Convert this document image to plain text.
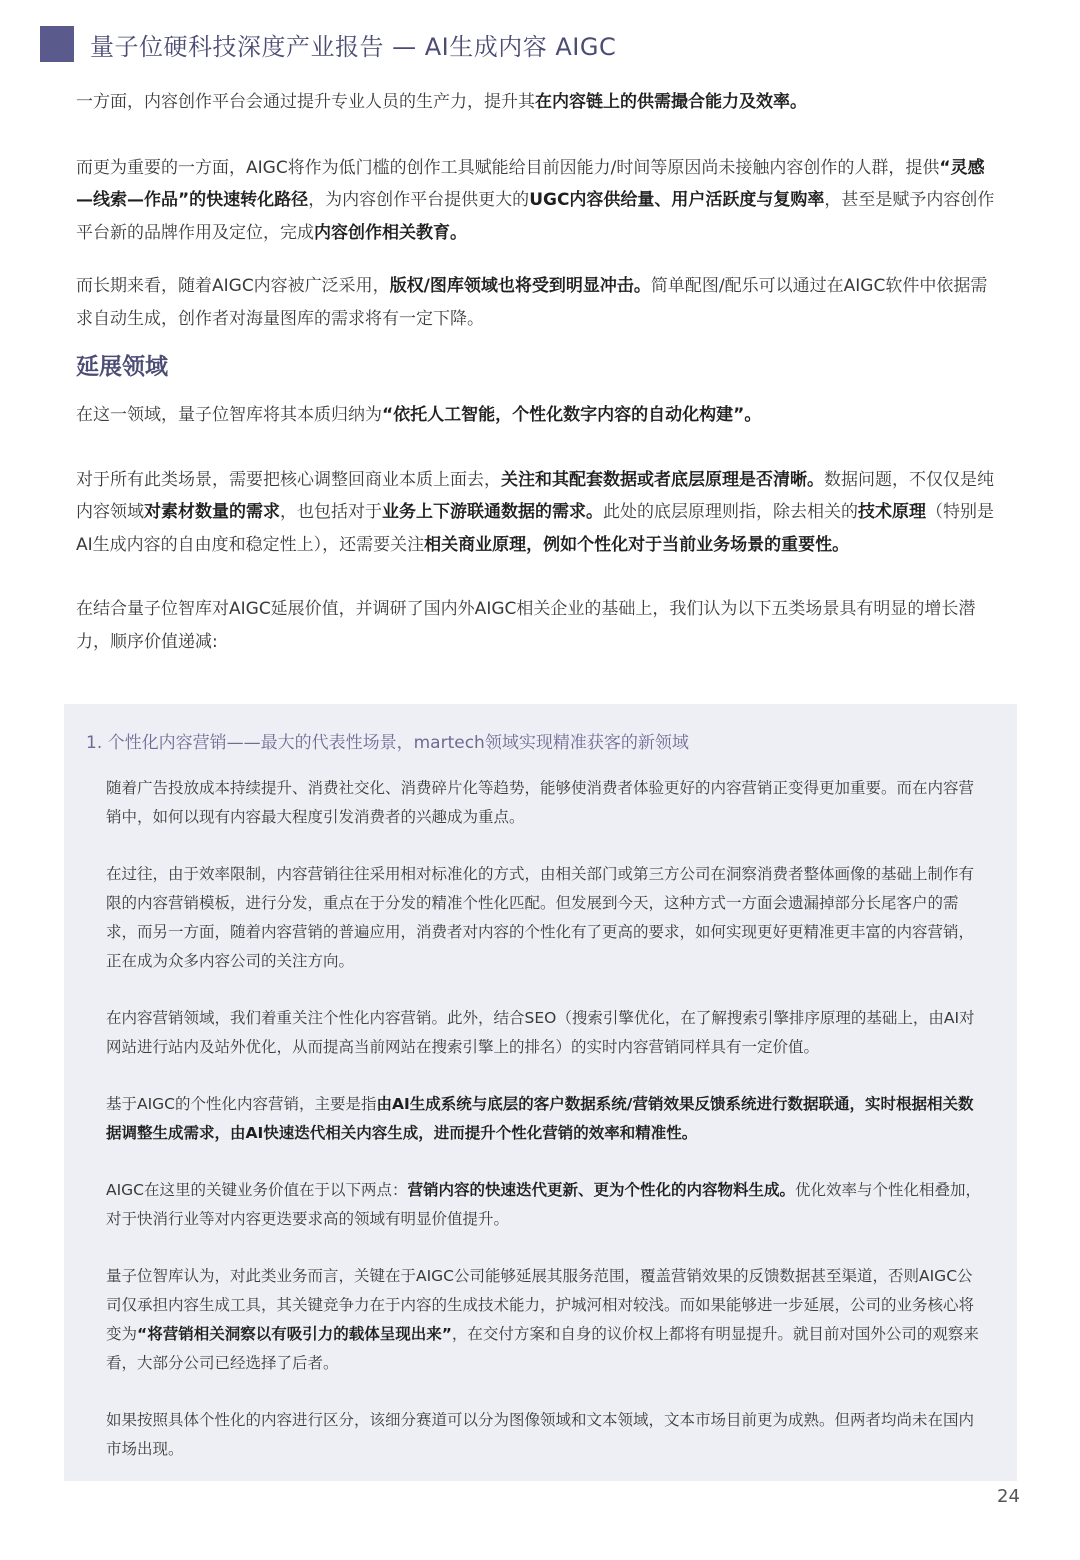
量子位硬科技深度产业报告 — AI生成内容 AIGC

一方面，内容创作平台会通过提升专业人员的生产力，提升其在内容链上的供需撮合能力及效率。

而更为重要的一方面，AIGC将作为低门槛的创作工具赋能给目前因能力/时间等原因尚未接触内容创作的人群，提供“灵感—线索—作品”的快速转化路径，为内容创作平台提供更大的UGC内容供给量、用户活跃度与复购率，甚至是赋予内容创作平台新的品牌作用及定位，完成内容创作相关教育。

而长期来看，随着AIGC内容被广泛采用，版权/图库领域也将受到明显冲击。简单配图/配乐可以通过在AIGC软件中依据需求自动生成，创作者对海量图库的需求将有一定下降。

延展领域

在这一领域，量子位智库将其本质归纳为“依托人工智能，个性化数字内容的自动化构建”。

对于所有此类场景，需要把核心调整回商业本质上面去，关注和其配套数据或者底层原理是否清晰。数据问题，不仅仅是纯内容领域对素材数量的需求，也包括对于业务上下游联通数据的需求。此处的底层原理则指，除去相关的技术原理（特别是AI生成内容的自由度和稳定性上），还需要关注相关商业原理，例如个性化对于当前业务场景的重要性。

在结合量子位智库对AIGC延展价值，并调研了国内外AIGC相关企业的基础上，我们认为以下五类场景具有明显的增长潜力，顺序价值递减:

1. 个性化内容营销——最大的代表性场景，martech领域实现精准获客的新领域

随着广告投放成本持续提升、消费社交化、消费碎片化等趋势，能够使消费者体验更好的内容营销正变得更加重要。而在内容营销中，如何以现有内容最大程度引发消费者的兴趣成为重点。

在过往，由于效率限制，内容营销往往采用相对标准化的方式，由相关部门或第三方公司在洞察消费者整体画像的基础上制作有限的内容营销模板，进行分发，重点在于分发的精准个性化匹配。但发展到今天，这种方式一方面会遗漏掉部分长尾客户的需求，而另一方面，随着内容营销的普遍应用，消费者对内容的个性化有了更高的要求，如何实现更好更精准更丰富的内容营销，正在成为众多内容公司的关注方向。

在内容营销领域，我们着重关注个性化内容营销。此外，结合SEO（搜索引擎优化，在了解搜索引擎排序原理的基础上，由AI对网站进行站内及站外优化，从而提高当前网站在搜索引擎上的排名）的实时内容营销同样具有一定价值。

基于AIGC的个性化内容营销，主要是指由AI生成系统与底层的客户数据系统/营销效果反馈系统进行数据联通，实时根据相关数据调整生成需求，由AI快速迭代相关内容生成，进而提升个性化营销的效率和精准性。

AIGC在这里的关键业务价值在于以下两点：营销内容的快速迭代更新、更为个性化的内容物料生成。优化效率与个性化相叠加，对于快消行业等对内容更迭要求高的领域有明显价值提升。

量子位智库认为，对此类业务而言，关键在于AIGC公司能够延展其服务范围，覆盖营销效果的反馈数据甚至渠道，否则AIGC公司仅承担内容生成工具，其关键竞争力在于内容的生成技术能力，护城河相对较浅。而如果能够进一步延展，公司的业务核心将变为“将营销相关洞察以有吸引力的载体呈现出来”，在交付方案和自身的议价权上都将有明显提升。就目前对国外公司的观察来看，大部分公司已经选择了后者。

如果按照具体个性化的内容进行区分，该细分赛道可以分为图像领域和文本领域，文本市场目前更为成熟。但两者均尚未在国内市场出现。

24
